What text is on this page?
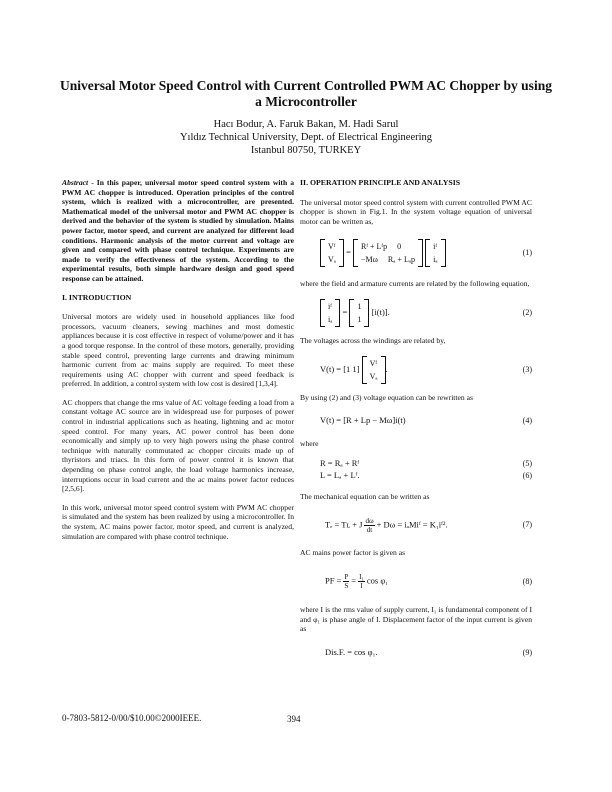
Universal Motor Speed Control with Current Controlled PWM AC Chopper by using a Microcontroller
Hacı Bodur, A. Faruk Bakan, M. Hadi Sarul
Yıldız Technical University, Dept. of Electrical Engineering
Istanbul 80750, TURKEY

Abstract - In this paper, universal motor speed control system with a PWM AC chopper is introduced. Operation principles of the control system, which is realized with a microcontroller, are presented. Mathematical model of the universal motor and PWM AC chopper is derived and the behavior of the system is studied by simulation. Mains power factor, motor speed, and current are analyzed for different load conditions. Harmonic analysis of the motor current and voltage are given and compared with phase control technique. Experiments are made to verify the effectiveness of the system. According to the experimental results, both simple hardware design and good speed response can be attained.

I. INTRODUCTION

Universal motors are widely used in household appliances like food processors, vacuum cleaners, sewing machines and most domestic appliances because it is cost effective in respect of volume/power and it has a good torque response. In the control of these motors, generally, providing stable speed control, preventing large currents and drawing minimum harmonic current from ac mains supply are required. To meet these requirements using AC chopper with current and speed feedback is preferred. In addition, a control system with low cost is desired [1,3,4].

AC choppers that change the rms value of AC voltage feeding a load from a constant voltage AC source are in widespread use for purposes of power control in industrial applications such as heating, lightning and ac motor speed control. For many years, AC power control has been done economically and simply up to very high powers using the phase control technique with naturally commutated ac chopper circuits made up of thyristors and triacs. In this form of power control it is known that depending on phase control angle, the load voltage harmonics increase, interruptions occur in load current and the ac mains power factor reduces [2,5,6].

In this work, universal motor speed control system with PWM AC chopper is simulated and the system has been realized by using a microcontroller. In the system, AC mains power factor, motor speed, and current is analyzed, simulation are compared with phase control technique.

II. OPERATION PRINCIPLE AND ANALYSIS

The universal motor speed control system with current controlled PWM AC chopper is shown in Fig.1. In the system voltage equation of universal motor can be written as,

Vᶠ
Vₐ
=
Rᶠ + Lᶠp 0
−Mω Rₐ + Lₐp

iᶠ
iₐ
(1)

where the field and armature currents are related by the following equation,

iᶠ
iₐ
=
1
1
[i(t)].	(2)

The voltages across the windings are related by,

V(t) = [1 1]
Vᶠ
Vₐ
.	(3)

By using (2) and (3) voltage equation can be rewritten as

V(t) = [R + Lp − Mω]i(t)	(4)

where

R = Rₐ + Rᶠ	(5)
L = Lₐ + Lᶠ.	(6)

The mechanical equation can be written as

Tₑ = Tʟ + J $\frac{d\omega}{dt} + D\omega$ = iₐMiᶠ = K₁iᶠ².	(7)

AC mains power factor is given as

PF = $\frac{P}{S} = \frac{\text{I₁}}{I}$ cos φ₁	(8)

where I is the rms value of supply current, I₁ is fundamental component of I and φ₁ is phase angle of I. Displacement factor of the input current is given as

Dis.F. = cos φ₁.	(9)
0-7803-5812-0/00/$10.00©2000IEEE.	394
